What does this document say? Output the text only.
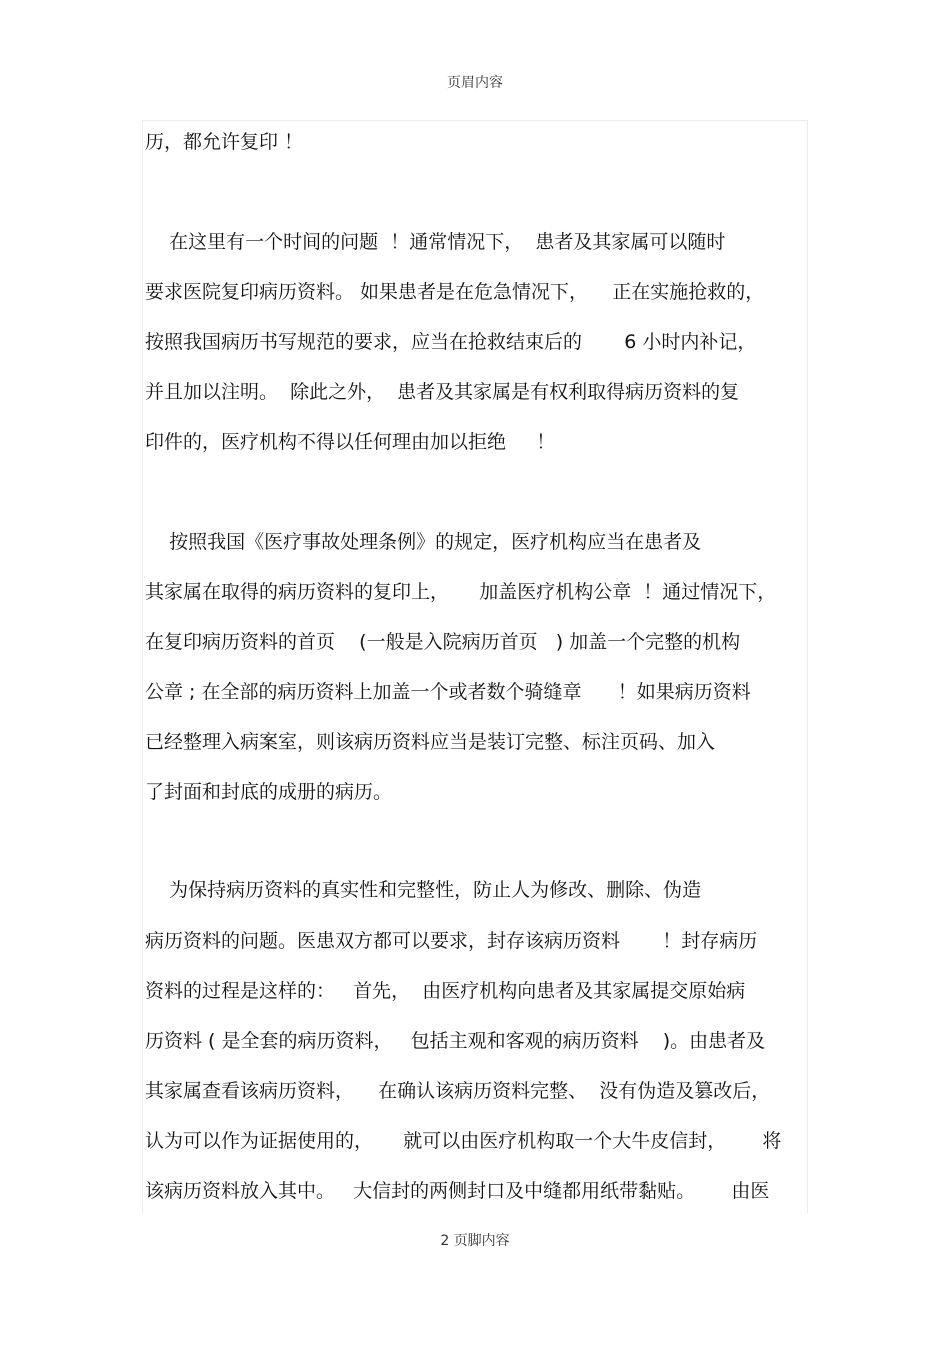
页眉内容
历，都允许复印 ！
在这里有一个时间的问题  ！通常情况下，  患者及其家属可以随时
要求医院复印病历资料。 如果患者是在危急情况下，    正在实施抢救的，
按照我国病历书写规范的要求，应当在抢救结束后的       6 小时内补记，
并且加以注明。  除此之外，  患者及其家属是有权利取得病历资料的复
印件的，医疗机构不得以任何理由加以拒绝     ！
按照我国《医疗事故处理条例》的规定，医疗机构应当在患者及
其家属在取得的病历资料的复印上，     加盖医疗机构公章  ！通过情况下，
在复印病历资料的首页    (一般是入院病历首页   ) 加盖一个完整的机构
公章 ; 在全部的病历资料上加盖一个或者数个骑缝章      ！如果病历资料
已经整理入病案室，则该病历资料应当是装订完整、标注页码、加入
了封面和封底的成册的病历。
为保持病历资料的真实性和完整性，防止人为修改、删除、伪造
病历资料的问题。医患双方都可以要求，封存该病历资料       ！封存病历
资料的过程是这样的：   首先，  由医疗机构向患者及其家属提交原始病
历资料 ( 是全套的病历资料，   包括主观和客观的病历资料    )。由患者及
其家属查看该病历资料，    在确认该病历资料完整、  没有伪造及篡改后，
认为可以作为证据使用的，     就可以由医疗机构取一个大牛皮信封，      将
该病历资料放入其中。   大信封的两侧封口及中缝都用纸带黏贴。      由医
2 页脚内容
